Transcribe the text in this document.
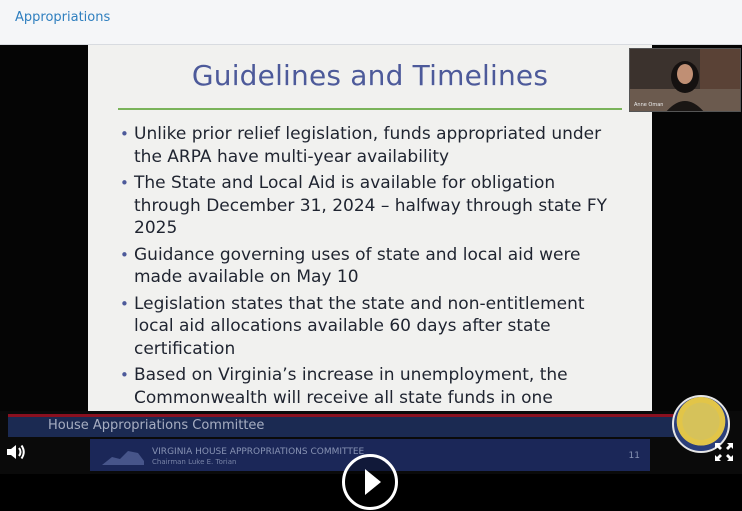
Appropriations
Guidelines and Timelines
• Unlike prior relief legislation, funds appropriated under the ARPA have multi-year availability
• The State and Local Aid is available for obligation through December 31, 2024 – halfway through state FY 2025
• Guidance governing uses of state and local aid were made available on May 10
• Legislation states that the state and non-entitlement local aid allocations available 60 days after state certification
• Based on Virginia’s increase in unemployment, the Commonwealth will receive all state funds in one
Anne Oman
House Appropriations Committee
VIRGINIA HOUSE APPROPRIATIONS COMMITTEE
Chairman Luke E. Torian
11
